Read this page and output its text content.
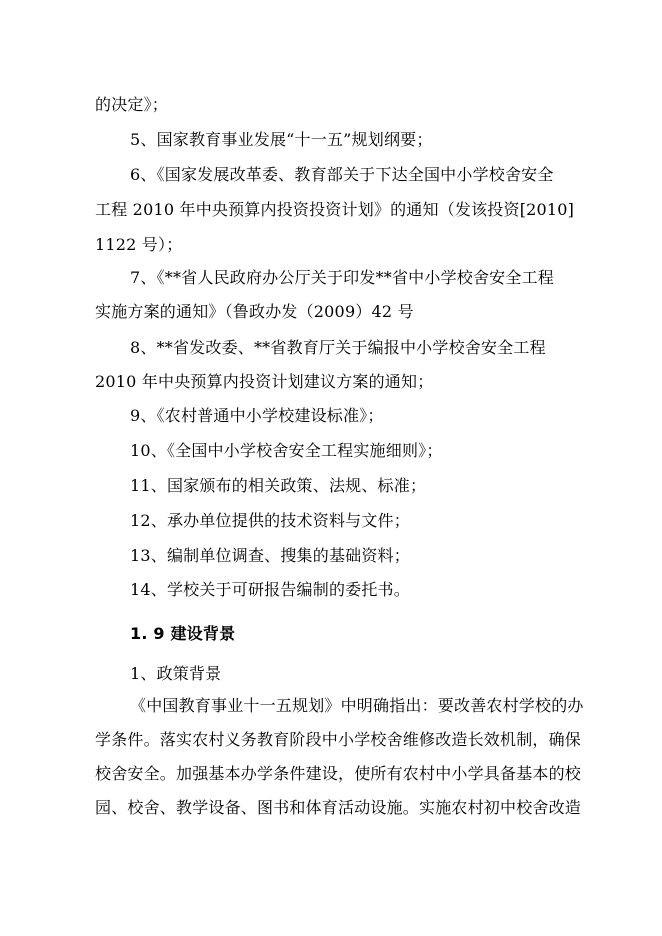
的决定》；
5、国家教育事业发展“十一五”规划纲要；
6、《国家发展改革委、教育部关于下达全国中小学校舍安全
工程 2010 年中央预算内投资投资计划》的通知（发该投资[2010]
1122 号）；
7、《**省人民政府办公厅关于印发**省中小学校舍安全工程
实施方案的通知》（鲁政办发（2009）42 号
8、**省发改委、**省教育厅关于编报中小学校舍安全工程
2010 年中央预算内投资计划建议方案的通知；
9、《农村普通中小学校建设标准》；
10、《全国中小学校舍安全工程实施细则》；
11、国家颁布的相关政策、法规、标准；
12、承办单位提供的技术资料与文件；
13、编制单位调查、搜集的基础资料；
14、学校关于可研报告编制的委托书。
1. 9 建设背景
1、政策背景
《中国教育事业十一五规划》中明确指出：要改善农村学校的办
学条件。落实农村义务教育阶段中小学校舍维修改造长效机制，确保
校舍安全。加强基本办学条件建设，使所有农村中小学具备基本的校
园、校舍、教学设备、图书和体育活动设施。实施农村初中校舍改造
